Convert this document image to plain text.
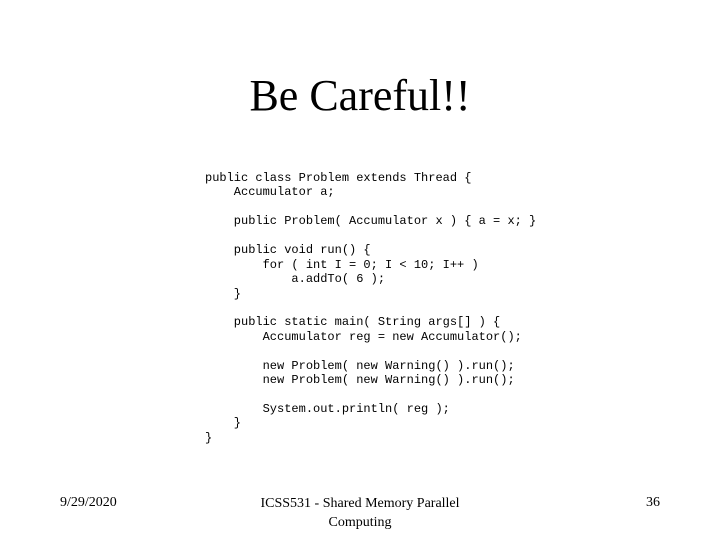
Be Careful!!
public class Problem extends Thread {
Accumulator a;
public Problem( Accumulator x ) { a = x; }
public void run() {
for ( int I = 0; I < 10; I++ )
a.addTo( 6 );
}
public static main( String args[] ) {
Accumulator reg = new Accumulator();
new Problem( new Warning() ).run();
new Problem( new Warning() ).run();
System.out.println( reg );
}
}
9/29/2020	ICSS531 - Shared Memory Parallel
Computing
36
